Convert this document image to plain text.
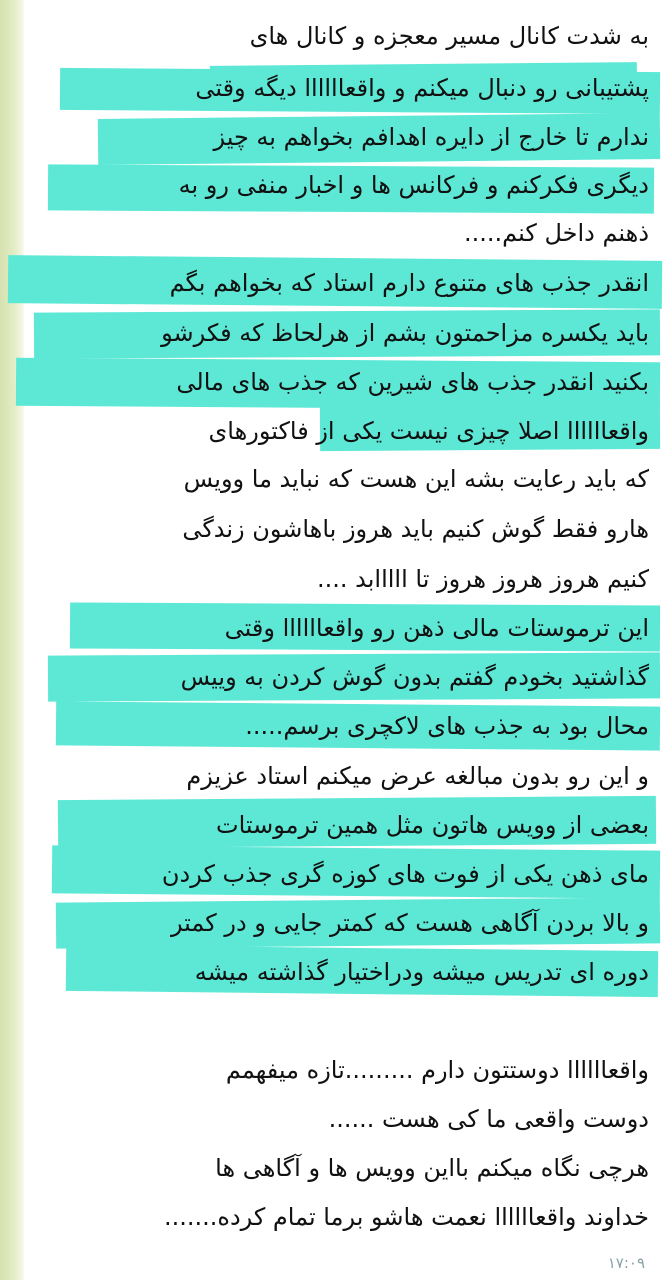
به شدت کانال مسیر معجزه و کانال های
پشتیبانی رو دنبال میکنم و واقعاااااا دیگه وقتی
ندارم تا خارج از دایره اهدافم بخواهم به چیز
دیگری فکرکنم و فرکانس ها و اخبار منفی رو به
ذهنم داخل کنم.....
انقدر جذب های متنوع دارم استاد که بخواهم بگم
باید یکسره مزاحمتون بشم از هرلحاظ که فکرشو
بکنید انقدر جذب های شیرین که جذب های مالی
واقعاااااا اصلا چیزی نیست یکی از فاکتورهای
که باید رعایت بشه این هست که نباید ما وویس
هارو فقط گوش کنیم باید هروز باهاشون زندگی
کنیم هروز هروز هروز تا ااااابد ....
این ترموستات مالی ذهن رو واقعاااااا وقتی
گذاشتید بخودم گفتم بدون گوش کردن به وییس
محال بود به جذب های لاکچری برسم.....
و این رو بدون مبالغه عرض میکنم استاد عزیزم
بعضی از وویس هاتون مثل همین ترموستات
مای ذهن یکی از فوت های کوزه گری جذب کردن
و بالا بردن آگاهی هست که کمتر جایی و در کمتر
دوره ای تدریس میشه ودراختیار گذاشته میشه
واقعاااااا دوستتون دارم .........تازه میفهمم
دوست واقعی ما کی هست ......
هرچی نگاه میکنم بااین وویس ها و آگاهی ها
خداوند واقعاااااا نعمت هاشو برما تمام کرده.......
۱۷:۰۹
